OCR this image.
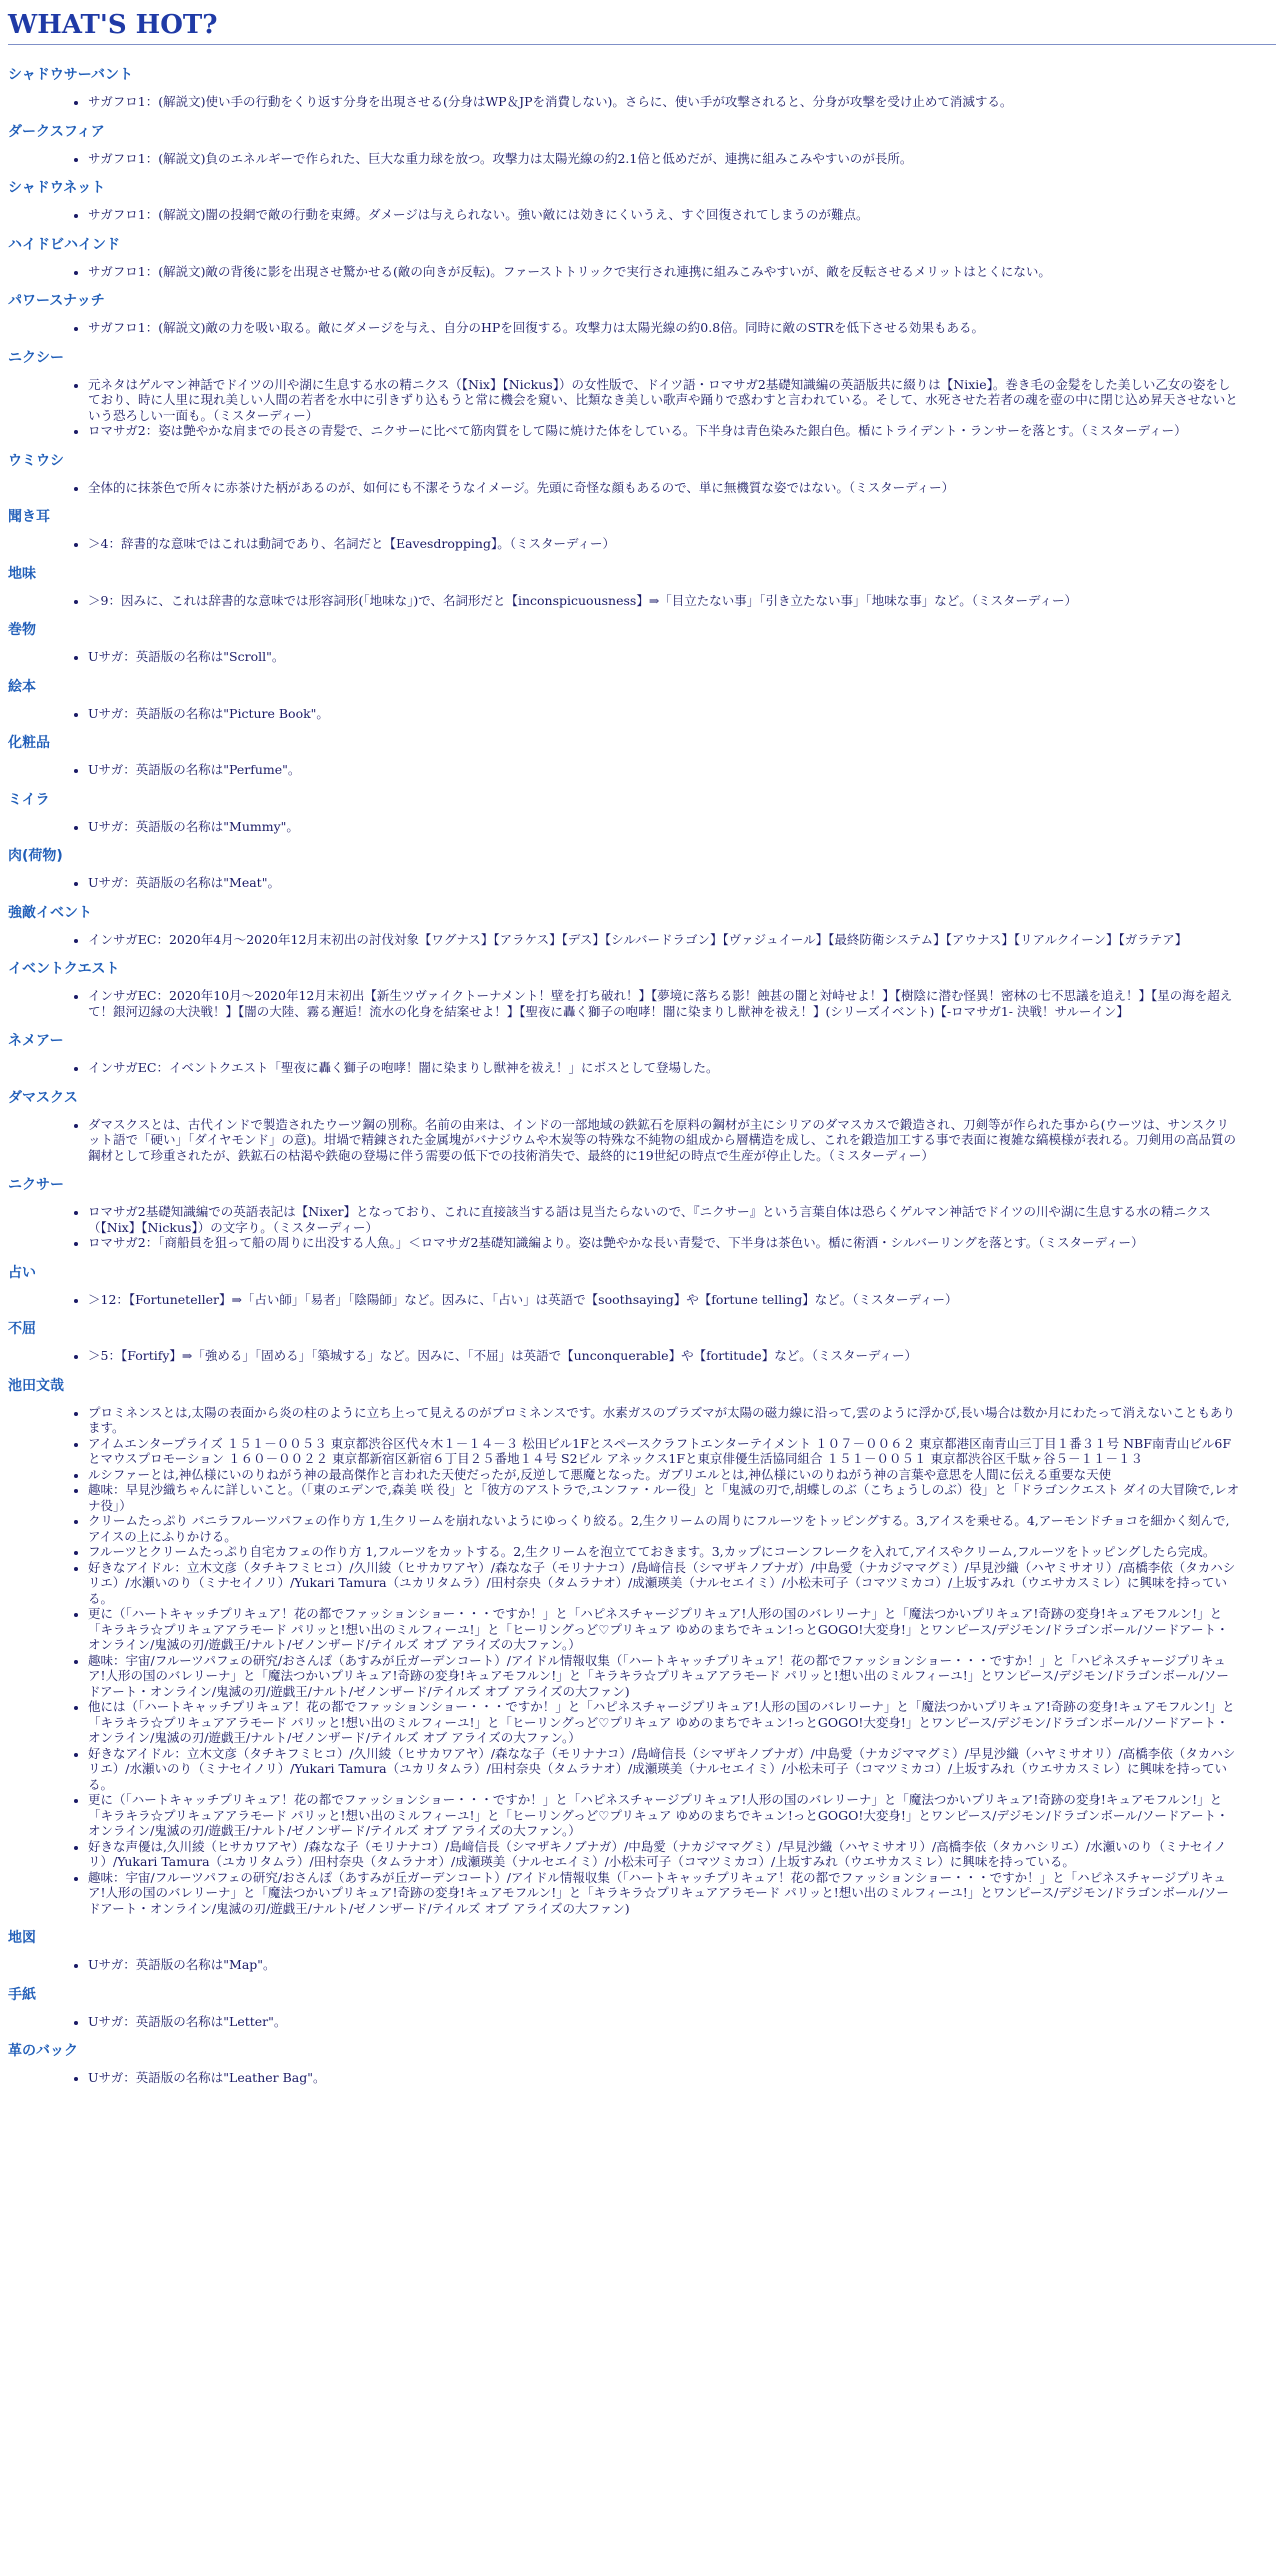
WHAT'S HOT?
シャドウサーバント
• サガフロ1：(解説文)使い手の行動をくり返す分身を出現させる(分身はWP＆JPを消費しない)。さらに、使い手が攻撃されると、分身が攻撃を受け止めて消滅する。
ダークスフィア
• サガフロ1：(解説文)負のエネルギーで作られた、巨大な重力球を放つ。攻撃力は太陽光線の約2.1倍と低めだが、連携に組みこみやすいのが長所。
シャドウネット
• サガフロ1：(解説文)闇の投網で敵の行動を束縛。ダメージは与えられない。強い敵には効きにくいうえ、すぐ回復されてしまうのが難点。
ハイドビハインド
• サガフロ1：(解説文)敵の背後に影を出現させ驚かせる(敵の向きが反転)。ファーストトリックで実行され連携に組みこみやすいが、敵を反転させるメリットはとくにない。
パワースナッチ
• サガフロ1：(解説文)敵の力を吸い取る。敵にダメージを与え、自分のHPを回復する。攻撃力は太陽光線の約0.8倍。同時に敵のSTRを低下させる効果もある。
ニクシー
• 元ネタはゲルマン神話でドイツの川や湖に生息する水の精ニクス（【Nix】【Nickus】）の女性版で、ドイツ語・ロマサガ2基礎知識編の英語版共に綴りは【Nixie】。巻き毛の金髪をした美しい乙女の姿をしており、時に人里に現れ美しい人間の若者を水中に引きずり込もうと常に機会を窺い、比類なき美しい歌声や踊りで惑わすと言われている。そして、水死させた若者の魂を壺の中に閉じ込め昇天させないという恐ろしい一面も。（ミスターディー）
• ロマサガ2：姿は艶やかな肩までの長さの青髪で、ニクサーに比べて筋肉質をして陽に焼けた体をしている。下半身は青色染みた銀白色。楯にトライデント・ランサーを落とす。（ミスターディー）
ウミウシ
• 全体的に抹茶色で所々に赤茶けた柄があるのが、如何にも不潔そうなイメージ。先頭に奇怪な顔もあるので、単に無機質な姿ではない。（ミスターディー）
聞き耳
• ＞4：辞書的な意味ではこれは動詞であり、名詞だと【Eavesdropping】。（ミスターディー）
地味
• ＞9：因みに、これは辞書的な意味では形容詞形(「地味な」)で、名詞形だと【inconspicuousness】⇒「目立たない事」「引き立たない事」「地味な事」など。（ミスターディー）
巻物
• Uサガ：英語版の名称は"Scroll"。
絵本
• Uサガ：英語版の名称は"Picture Book"。
化粧品
• Uサガ：英語版の名称は"Perfume"。
ミイラ
• Uサガ：英語版の名称は"Mummy"。
肉(荷物)
• Uサガ：英語版の名称は"Meat"。
強敵イベント
• インサガEC：2020年4月～2020年12月末初出の討伐対象【ワグナス】【アラケス】【デス】【シルバードラゴン】【ヴァジュイール】【最終防衛システム】【アウナス】【リアルクイーン】【ガラテア】
イベントクエスト
• インサガEC：2020年10月～2020年12月末初出【新生ツヴァイクトーナメント！壁を打ち破れ！】【夢境に落ちる影！蝕甚の闇と対峙せよ！】【樹陰に潜む怪異！密林の七不思議を追え！】【星の海を超えて！銀河辺縁の大決戦！】【闇の大陸、霧る邂逅！流水の化身を結案せよ！】【聖夜に轟く獅子の咆哮！闇に染まりし獣神を祓え！】(シリーズイベント)【-ロマサガ1- 決戦！サルーイン】
ネメアー
• インサガEC：イベントクエスト「聖夜に轟く獅子の咆哮！闇に染まりし獣神を祓え！」にボスとして登場した。
ダマスクス
• ダマスクスとは、古代インドで製造されたウーツ鋼の別称。名前の由来は、インドの一部地域の鉄鉱石を原料の鋼材が主にシリアのダマスカスで鍛造され、刀剣等が作られた事から(ウーツは、サンスクリット語で「硬い」「ダイヤモンド」の意)。坩堝で精錬された金属塊がバナジウムや木炭等の特殊な不純物の組成から層構造を成し、これを鍛造加工する事で表面に複雑な縞模様が表れる。刀剣用の高品質の鋼材として珍重されたが、鉄鉱石の枯渇や鉄砲の登場に伴う需要の低下での技術消失で、最終的に19世紀の時点で生産が停止した。（ミスターディー）
ニクサー
• ロマサガ2基礎知識編での英語表記は【Nixer】となっており、これに直接該当する語は見当たらないので、『ニクサー』という言葉自体は恐らくゲルマン神話でドイツの川や湖に生息する水の精ニクス（【Nix】【Nickus】）の文字り。（ミスターディー）
• ロマサガ2：「商船員を狙って船の周りに出没する人魚。」＜ロマサガ2基礎知識編より。姿は艶やかな長い青髪で、下半身は茶色い。楯に術酒・シルバーリングを落とす。（ミスターディー）
占い
• ＞12：【Fortuneteller】⇒「占い師」「易者」「陰陽師」など。因みに、「占い」は英語で【soothsaying】や【fortune telling】など。（ミスターディー）
不屈
• ＞5：【Fortify】⇒「強める」「固める」「築城する」など。因みに、「不屈」は英語で【unconquerable】や【fortitude】など。（ミスターディー）
池田文哉
• プロミネンスとは,太陽の表面から炎の柱のように立ち上って見えるのがプロミネンスです。水素ガスのプラズマが太陽の磁力線に沿って,雲のように浮かび,長い場合は数か月にわたって消えないこともあります。
• アイムエンタープライズ １５１－００５３ 東京都渋谷区代々木１－１４－３ 松田ビル1Fとスペースクラフトエンターテイメント １０７－００６２ 東京都港区南青山三丁目１番３１号 NBF南青山ビル6Fとマウスプロモーション １６０－００２２ 東京都新宿区新宿６丁目２５番地１４号 S2ビル アネックス1Fと東京俳優生活協同組合 １５１－００５１ 東京都渋谷区千駄ヶ谷５－１１－１３
• ルシファーとは,神仏様にいのりねがう神の最高傑作と言われた天使だったが,反逆して悪魔となった。ガブリエルとは,神仏様にいのりねがう神の言葉や意思を人間に伝える重要な天使
• 趣味：早見沙織ちゃんに詳しいこと。（「東のエデンで,森美 咲 役」と「彼方のアストラで,ユンファ・ルー役」と「鬼滅の刃で,胡蝶しのぶ（こちょうしのぶ）役」と「ドラゴンクエスト ダイの大冒険で,レオナ役」）
• クリームたっぷり バニラフルーツパフェの作り方 1,生クリームを崩れないようにゆっくり絞る。2,生クリームの周りにフルーツをトッピングする。3,アイスを乗せる。4,アーモンドチョコを細かく刻んで,アイスの上にふりかける。
• フルーツとクリームたっぷり自宅カフェの作り方 1,フルーツをカットする。2,生クリームを泡立てておきます。3,カップにコーンフレークを入れて,アイスやクリーム,フルーツをトッピングしたら完成。
• 好きなアイドル：立木文彦（タチキフミヒコ）/久川綾（ヒサカワアヤ）/森なな子（モリナナコ）/島﨑信長（シマザキノブナガ）/中島愛（ナカジママグミ）/早見沙織（ハヤミサオリ）/高橋李依（タカハシリエ）/水瀬いのり（ミナセイノリ）/Yukari Tamura（ユカリタムラ）/田村奈央（タムラナオ）/成瀬瑛美（ナルセエイミ）/小松未可子（コマツミカコ）/上坂すみれ（ウエサカスミレ）に興味を持っている。
• 更に（「ハートキャッチプリキュア！花の都でファッションショー・・・ですか！」と「ハピネスチャージプリキュア!人形の国のバレリーナ」と「魔法つかいプリキュア!奇跡の変身!キュアモフルン!」と「キラキラ☆プリキュアアラモード パリッと!想い出のミルフィーユ!」と「ヒーリングっど♡プリキュア ゆめのまちでキュン!っとGOGO!大変身!」とワンピース/デジモン/ドラゴンボール/ソードアート・オンライン/鬼滅の刃/遊戯王/ナルト/ゼノンザード/テイルズ オブ アライズの大ファン。）
• 趣味：宇宙/フルーツパフェの研究/おさんぽ（あすみが丘ガーデンコート）/アイドル情報収集（「ハートキャッチプリキュア！花の都でファッションショー・・・ですか！」と「ハピネスチャージプリキュア!人形の国のバレリーナ」と「魔法つかいプリキュア!奇跡の変身!キュアモフルン!」と「キラキラ☆プリキュアアラモード パリッと!想い出のミルフィーユ!」とワンピース/デジモン/ドラゴンボール/ソードアート・オンライン/鬼滅の刃/遊戯王/ナルト/ゼノンザード/テイルズ オブ アライズの大ファン)
• 他には（「ハートキャッチプリキュア！花の都でファッションショー・・・ですか！」と「ハピネスチャージプリキュア!人形の国のバレリーナ」と「魔法つかいプリキュア!奇跡の変身!キュアモフルン!」と「キラキラ☆プリキュアアラモード パリッと!想い出のミルフィーユ!」と「ヒーリングっど♡プリキュア ゆめのまちでキュン!っとGOGO!大変身!」とワンピース/デジモン/ドラゴンボール/ソードアート・オンライン/鬼滅の刃/遊戯王/ナルト/ゼノンザード/テイルズ オブ アライズの大ファン。）
• 好きなアイドル：立木文彦（タチキフミヒコ）/久川綾（ヒサカワアヤ）/森なな子（モリナナコ）/島﨑信長（シマザキノブナガ）/中島愛（ナカジママグミ）/早見沙織（ハヤミサオリ）/高橋李依（タカハシリエ）/水瀬いのり（ミナセイノリ）/Yukari Tamura（ユカリタムラ）/田村奈央（タムラナオ）/成瀬瑛美（ナルセエイミ）/小松未可子（コマツミカコ）/上坂すみれ（ウエサカスミレ）に興味を持っている。
• 更に（「ハートキャッチプリキュア！花の都でファッションショー・・・ですか！」と「ハピネスチャージプリキュア!人形の国のバレリーナ」と「魔法つかいプリキュア!奇跡の変身!キュアモフルン!」と「キラキラ☆プリキュアアラモード パリッと!想い出のミルフィーユ!」と「ヒーリングっど♡プリキュア ゆめのまちでキュン!っとGOGO!大変身!」とワンピース/デジモン/ドラゴンボール/ソードアート・オンライン/鬼滅の刃/遊戯王/ナルト/ゼノンザード/テイルズ オブ アライズの大ファン。）
• 好きな声優は,久川綾（ヒサカワアヤ）/森なな子（モリナナコ）/島﨑信長（シマザキノブナガ）/中島愛（ナカジママグミ）/早見沙織（ハヤミサオリ）/高橋李依（タカハシリエ）/水瀬いのり（ミナセイノリ）/Yukari Tamura（ユカリタムラ）/田村奈央（タムラナオ）/成瀬瑛美（ナルセエイミ）/小松未可子（コマツミカコ）/上坂すみれ（ウエサカスミレ）に興味を持っている。
• 趣味：宇宙/フルーツパフェの研究/おさんぽ（あすみが丘ガーデンコート）/アイドル情報収集（「ハートキャッチプリキュア！花の都でファッションショー・・・ですか！」と「ハピネスチャージプリキュア!人形の国のバレリーナ」と「魔法つかいプリキュア!奇跡の変身!キュアモフルン!」と「キラキラ☆プリキュアアラモード パリッと!想い出のミルフィーユ!」とワンピース/デジモン/ドラゴンボール/ソードアート・オンライン/鬼滅の刃/遊戯王/ナルト/ゼノンザード/テイルズ オブ アライズの大ファン)
地図
• Uサガ：英語版の名称は"Map"。
手紙
• Uサガ：英語版の名称は"Letter"。
革のバック
• Uサガ：英語版の名称は"Leather Bag"。
